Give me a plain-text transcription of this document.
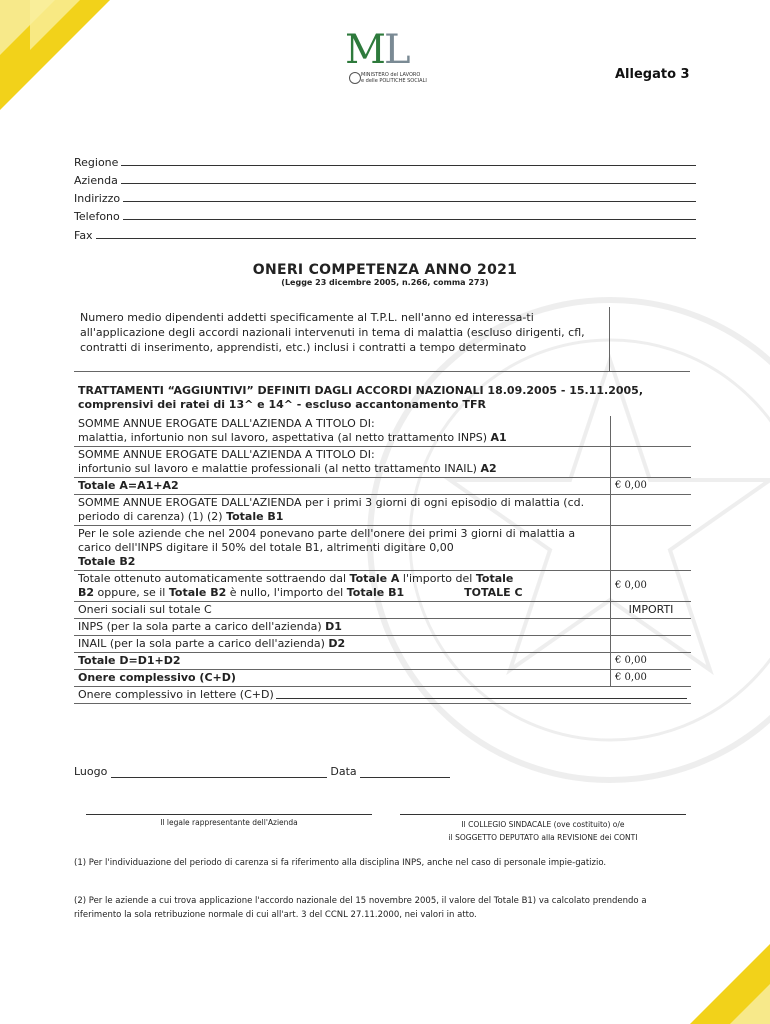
ML
MINISTERO del LAVORO
e delle POLITICHE SOCIALI	Allegato 3
Regione
Azienda
Indirizzo
Telefono
Fax
ONERI COMPETENZA ANNO 2021
(Legge 23 dicembre 2005, n.266, comma 273)
Numero medio dipendenti addetti specificamente al T.P.L. nell'anno ed interessa-ti all'applicazione degli accordi nazionali intervenuti in tema di malattia (escluso dirigenti, cfl, contratti di inserimento, apprendisti, etc.) inclusi i contratti a tempo determinato
TRATTAMENTI “AGGIUNTIVI” DEFINITI DAGLI ACCORDI NAZIONALI 18.09.2005 - 15.11.2005,
comprensivi dei ratei di 13^ e 14^ - escluso accantonamento TFR
SOMME ANNUE EROGATE DALL'AZIENDA A TITOLO DI:
malattia, infortunio non sul lavoro, aspettativa (al netto trattamento INPS) A1	

SOMME ANNUE EROGATE DALL'AZIENDA A TITOLO DI:
infortunio sul lavoro e malattie professionali (al netto trattamento INAIL) A2	

Totale A=A1+A2	€ 0,00
SOMME ANNUE EROGATE DALL'AZIENDA per i primi 3 giorni di ogni episodio di malattia (cd. periodo di carenza) (1) (2) Totale B1	

Per le sole aziende che nel 2004 ponevano parte dell'onere dei primi 3 giorni di malattia a carico dell'INPS digitare il 50% del totale B1, altrimenti digitare 0,00
Totale B2	

Totale ottenuto automaticamente sottraendo dal Totale A l'importo del Totale
B2 oppure, se il Totale B2 è nullo, l'importo del Totale B1 TOTALE C	€ 0,00
Oneri sociali sul totale C	IMPORTI
INPS (per la sola parte a carico dell'azienda) D1	
INAIL (per la sola parte a carico dell'azienda) D2	
Totale D=D1+D2	€ 0,00
Onere complessivo (C+D)	€ 0,00

Onere complessivo in lettere (C+D)	
Luogo	Data
Il legale rappresentante dell'Azienda	Il COLLEGIO SINDACALE (ove costituito) o/e
il SOGGETTO DEPUTATO alla REVISIONE dei CONTI
(1) Per l'individuazione del periodo di carenza si fa riferimento alla disciplina INPS, anche nel caso di personale impie-gatizio.
(2) Per le aziende a cui trova applicazione l'accordo nazionale del 15 novembre 2005, il valore del Totale B1) va calcolato prendendo a riferimento la sola retribuzione normale di cui all'art. 3 del CCNL 27.11.2000, nei valori in atto.
